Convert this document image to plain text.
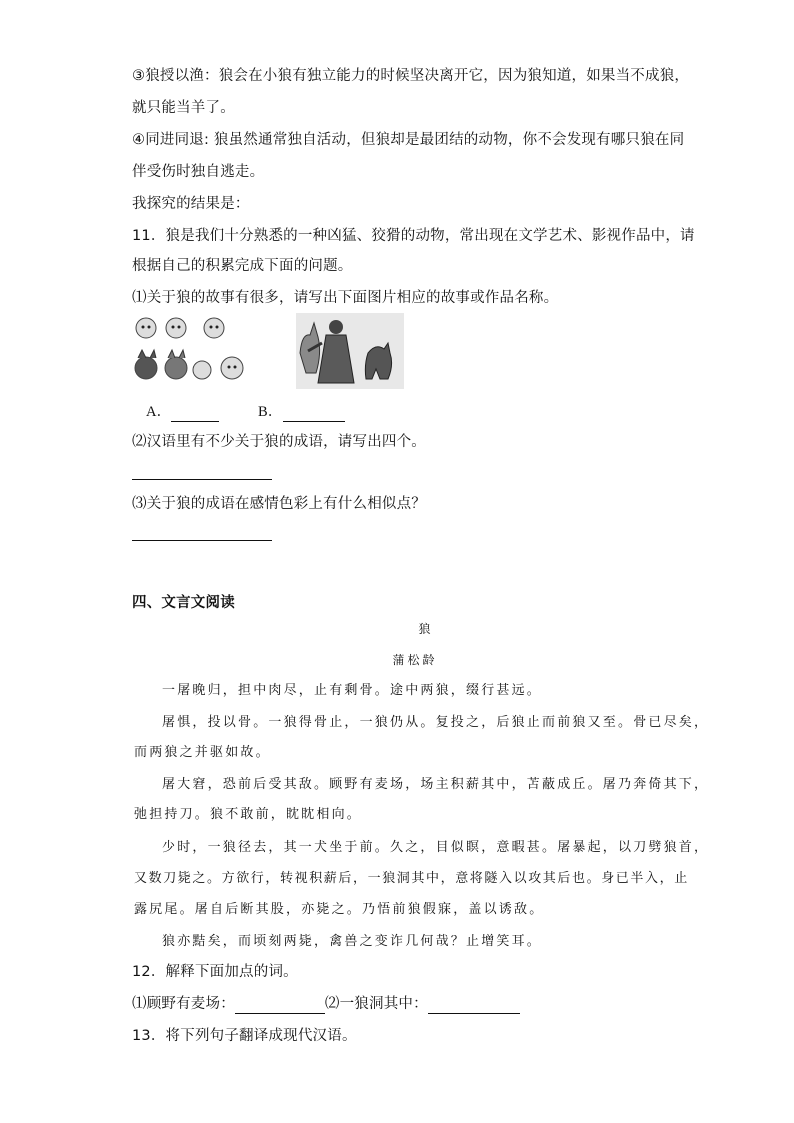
③狼授以渔：狼会在小狼有独立能力的时候坚决离开它，因为狼知道，如果当不成狼，
就只能当羊了。
④同进同退: 狼虽然通常独自活动，但狼却是最团结的动物，你不会发现有哪只狼在同
伴受伤时独自逃走。
我探究的结果是：
11．狼是我们十分熟悉的一种凶猛、狡猾的动物，常出现在文学艺术、影视作品中，请
根据自己的积累完成下面的问题。
⑴关于狼的故事有很多，请写出下面图片相应的故事或作品名称。
A．	B．
⑵汉语里有不少关于狼的成语，请写出四个。
⑶关于狼的成语在感情色彩上有什么相似点？
四、文言文阅读
狼
蒲松龄
一屠晚归，担中肉尽，止有剩骨。途中两狼，缀行甚远。
屠惧，投以骨。一狼得骨止，一狼仍从。复投之，后狼止而前狼又至。骨已尽矣，
而两狼之并驱如故。
屠大窘，恐前后受其敌。顾野有麦场，场主积薪其中，苫蔽成丘。屠乃奔倚其下，
弛担持刀。狼不敢前，眈眈相向。
少时，一狼径去，其一犬坐于前。久之，目似瞑，意暇甚。屠暴起，以刀劈狼首，
又数刀毙之。方欲行，转视积薪后，一狼洞其中，意将隧入以攻其后也。身已半入，止
露尻尾。屠自后断其股，亦毙之。乃悟前狼假寐，盖以诱敌。
狼亦黠矣，而顷刻两毙，禽兽之变诈几何哉？止增笑耳。
12．解释下面加点的词。
⑴顾野有麦场：	⑵一狼洞其中：
13．将下列句子翻译成现代汉语。
